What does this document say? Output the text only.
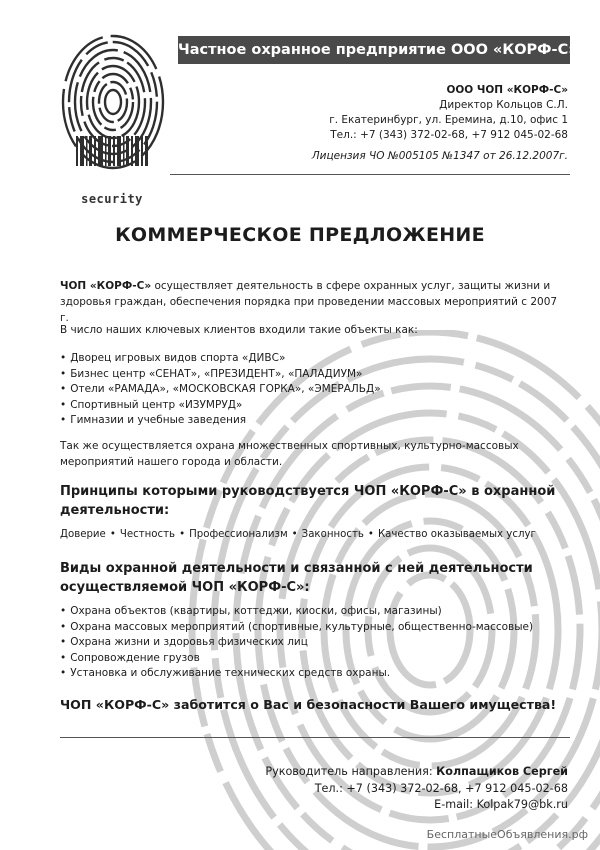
security
Частное охранное предприятие ООО «КОРФ-С»
ООО ЧОП «КОРФ-С»
Директор Кольцов С.Л.
г. Екатеринбург, ул. Еремина, д.10, офис 1
Тел.: +7 (343) 372-02-68, +7 912 045-02-68
Лицензия ЧО №005105 №1347 от 26.12.2007г.
КОММЕРЧЕСКОЕ ПРЕДЛОЖЕНИЕ
ЧОП «КОРФ-С» осуществляет деятельность в сфере охранных услуг, защиты жизни и здоровья граждан, обеспечения порядка при проведении массовых мероприятий с 2007 г.
В число наших ключевых клиентов входили такие объекты как:
• Дворец игровых видов спорта «ДИВС»
• Бизнес центр «СЕНАТ», «ПРЕЗИДЕНТ», «ПАЛАДИУМ»
• Отели «РАМАДА», «МОСКОВСКАЯ ГОРКА», «ЭМЕРАЛЬД»
• Спортивный центр «ИЗУМРУД»
• Гимназии и учебные заведения
Так же осуществляется охрана множественных спортивных, культурно-массовых мероприятий нашего города и области.
Принципы которыми руководствуется ЧОП «КОРФ-С» в охранной деятельности:
Доверие • Честность • Профессионализм • Законность • Качество оказываемых услуг
Виды охранной деятельности и связанной с ней деятельности осуществляемой ЧОП «КОРФ-С»:
• Охрана объектов (квартиры, коттеджи, киоски, офисы, магазины)
• Охрана массовых мероприятий (спортивные, культурные, общественно-массовые)
• Охрана жизни и здоровья физических лиц
• Сопровождение грузов
• Установка и обслуживание технических средств охраны.
ЧОП «КОРФ-С» заботится о Вас и безопасности Вашего имущества!
Руководитель направления: Колпащиков Сергей
Тел.: +7 (343) 372-02-68, +7 912 045-02-68
E-mail: Kolpak79@bk.ru
БесплатныеОбъявления.рф
